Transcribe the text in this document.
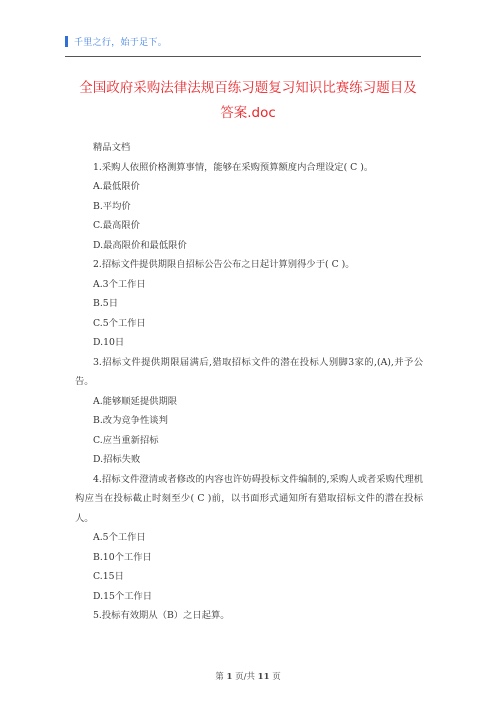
千里之行，始于足下。
全国政府采购法律法规百练习题复习知识比赛练习题目及
答案.doc

精品文档

1.采购人依照价格测算事情，能够在采购预算额度内合理设定( C )。

A.最低限价

B.平均价

C.最高限价

D.最高限价和最低限价

2.招标文件提供期限自招标公告公布之日起计算别得少于( C )。

A.3个工作日

B.5日

C.5个工作日

D.10日

3.招标文件提供期限届满后,猎取招标文件的潜在投标人别脚3家的,(A),并予公告。

A.能够顺延提供期限

B.改为竞争性谈判

C.应当重新招标

D.招标失败

4.招标文件澄清或者修改的内容也许妨碍投标文件编制的,采购人或者采购代理机构应当在投标截止时刻至少( C )前，以书面形式通知所有猎取招标文件的潜在投标人。

A.5个工作日

B.10个工作日

C.15日

D.15个工作日

5.投标有效期从（B）之日起算。

第 1 页/共 11 页
